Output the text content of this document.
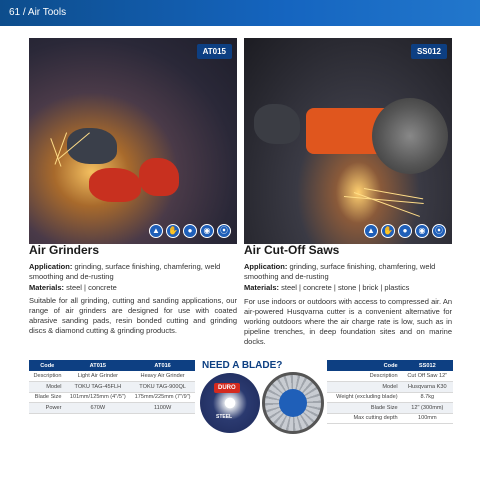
61 / Air Tools
AT015
▲	✋	●	◉	⦿
SS012
▲	✋	●	◉	⦿
Air Grinders
Application: grinding, surface finishing, chamfering, weld smoothing and de-rusting
Materials: steel | concrete
Suitable for all grinding, cutting and sanding applications, our range of air grinders are designed for use with coated abrasive sanding pads, resin bonded cutting and grinding discs & diamond cutting & grinding products.
Air Cut-Off Saws
Application: grinding, surface finishing, chamfering, weld smoothing and de-rusting
Materials: steel | concrete | stone | brick | plastics
For use indoors or outdoors with access to compressed air. An air-powered Husqvarna cutter is a convenient alternative for working outdoors where the air charge rate is low, such as in pipeline trenches, in deep foundation sites and on marine docks.
Code	AT015	AT016
Description	Light Air Grinder	Heavy Air Grinder
Model	TOKU TAG-45FLH	TOKU TAG-900QL
Blade Size	101mm/125mm (4"/5")	175mm/225mm (7"/9")
Power	670W	1100W
NEED A BLADE?
DURO
STEEL
Code	SS012
Description	Cut Off Saw 12"
Model	Husqvarna K30
Weight (excluding blade)	8.7kg
Blade Size	12" (300mm)
Max cutting depth	100mm
